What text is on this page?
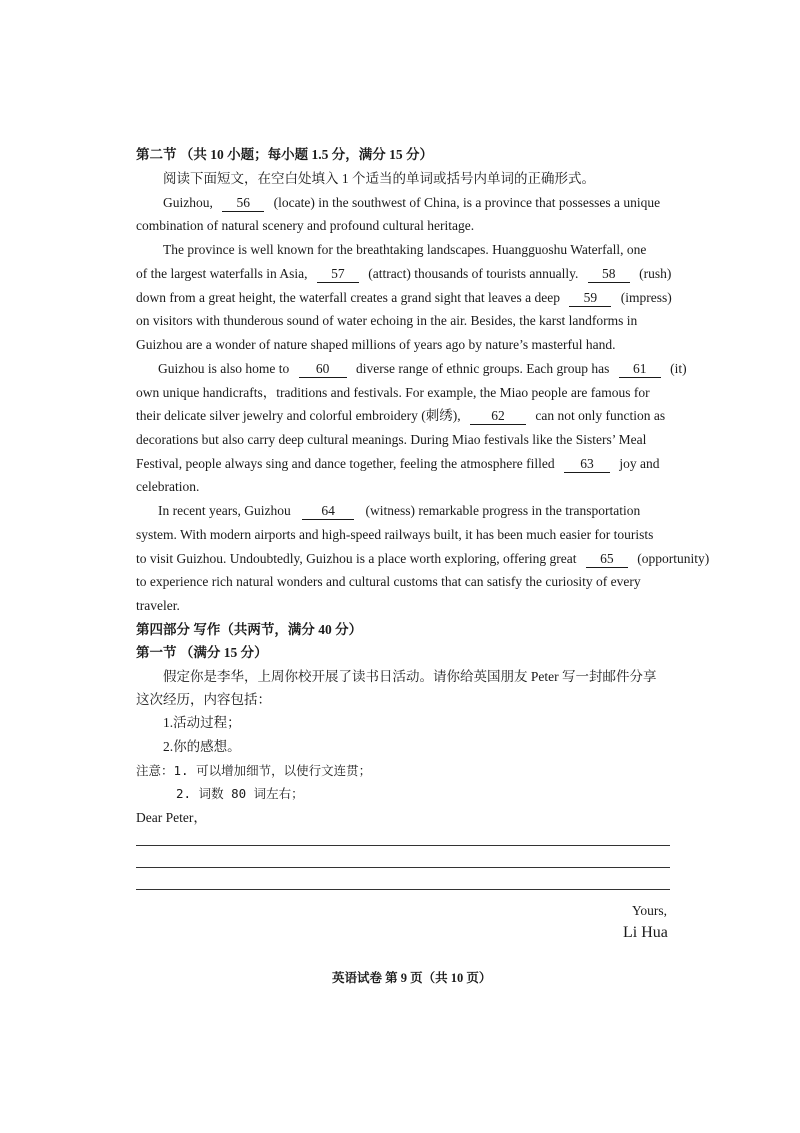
第二节 （共 10 小题；每小题 1.5 分，满分 15 分）
阅读下面短文，在空白处填入 1 个适当的单词或括号内单词的正确形式。
Guizhou, 56 (locate) in the southwest of China, is a province that possesses a unique
combination of natural scenery and profound cultural heritage.
The province is well known for the breathtaking landscapes. Huangguoshu Waterfall, one
of the largest waterfalls in Asia, 57 (attract) thousands of tourists annually. 58 (rush)
down from a great height, the waterfall creates a grand sight that leaves a deep 59 (impress)
on visitors with thunderous sound of water echoing in the air. Besides, the karst landforms in
Guizhou are a wonder of nature shaped millions of years ago by nature’s masterful hand.
Guizhou is also home to 60 diverse range of ethnic groups. Each group has 61 (it)
own unique handicrafts，traditions and festivals. For example, the Miao people are famous for
their delicate silver jewelry and colorful embroidery (刺绣), 62 can not only function as
decorations but also carry deep cultural meanings. During Miao festivals like the Sisters’ Meal
Festival, people always sing and dance together, feeling the atmosphere filled 63 joy and
celebration.
In recent years, Guizhou 64 (witness) remarkable progress in the transportation
system. With modern airports and high-speed railways built, it has been much easier for tourists
to visit Guizhou. Undoubtedly, Guizhou is a place worth exploring, offering great 65 (opportunity)
to experience rich natural wonders and cultural customs that can satisfy the curiosity of every
traveler.
第四部分 写作（共两节，满分 40 分）
第一节 （满分 15 分）
假定你是李华，上周你校开展了读书日活动。请你给英国朋友 Peter 写一封邮件分享
这次经历，内容包括：
1.活动过程；
2.你的感想。
注意：1. 可以增加细节，以使行文连贯；
2. 词数 80 词左右；
Dear Peter，
Yours,
Li Hua
英语试卷 第 9 页（共 10 页）
